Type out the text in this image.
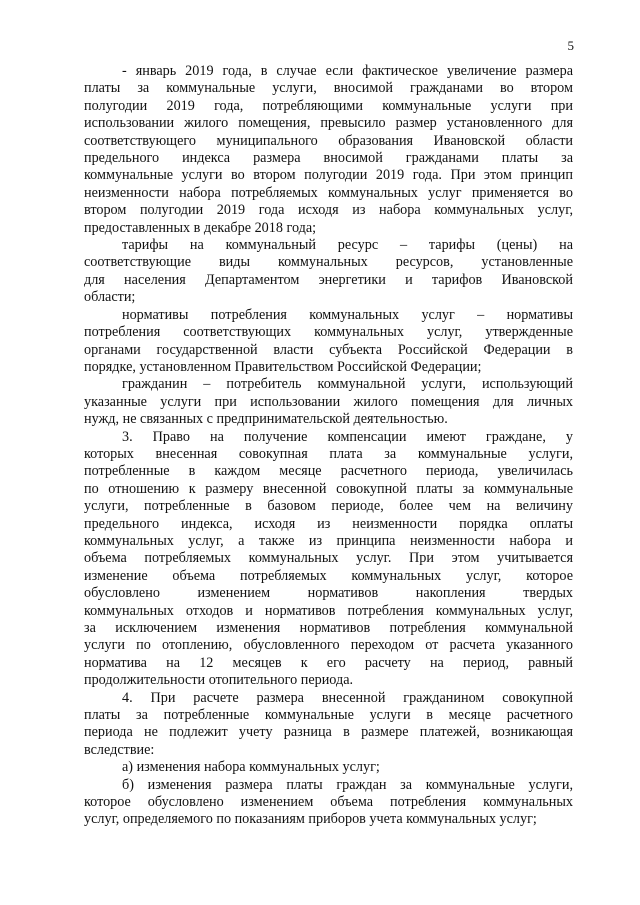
5

- январь 2019 года, в случае если фактическое увеличение размера

платы за коммунальные услуги, вносимой гражданами во втором

полугодии 2019 года, потребляющими коммунальные услуги при

использовании жилого помещения, превысило размер установленного для

соответствующего муниципального образования Ивановской области

предельного индекса размера вносимой гражданами платы за

коммунальные услуги во втором полугодии 2019 года. При этом принцип

неизменности набора потребляемых коммунальных услуг применяется во

втором полугодии 2019 года исходя из набора коммунальных услуг,

предоставленных в декабре 2018 года;

тарифы на коммунальный ресурс – тарифы (цены) на

соответствующие виды коммунальных ресурсов, установленные

для населения Департаментом энергетики и тарифов Ивановской

области;

нормативы потребления коммунальных услуг – нормативы

потребления соответствующих коммунальных услуг, утвержденные

органами государственной власти субъекта Российской Федерации в

порядке, установленном Правительством Российской Федерации;

гражданин – потребитель коммунальной услуги, использующий

указанные услуги при использовании жилого помещения для личных

нужд, не связанных с предпринимательской деятельностью.

3. Право на получение компенсации имеют граждане, у

которых внесенная совокупная плата за коммунальные услуги,

потребленные в каждом месяце расчетного периода, увеличилась

по отношению к размеру внесенной совокупной платы за коммунальные

услуги, потребленные в базовом периоде, более чем на величину

предельного индекса, исходя из неизменности порядка оплаты

коммунальных услуг, а также из принципа неизменности набора и

объема потребляемых коммунальных услуг. При этом учитывается

изменение объема потребляемых коммунальных услуг, которое

обусловлено изменением нормативов накопления твердых

коммунальных отходов и нормативов потребления коммунальных услуг,

за исключением изменения нормативов потребления коммунальной

услуги по отоплению, обусловленного переходом от расчета указанного

норматива на 12 месяцев к его расчету на период, равный

продолжительности отопительного периода.

4. При расчете размера внесенной гражданином совокупной

платы за потребленные коммунальные услуги в месяце расчетного

периода не подлежит учету разница в размере платежей, возникающая

вследствие:

а) изменения набора коммунальных услуг;

б) изменения размера платы граждан за коммунальные услуги,

которое обусловлено изменением объема потребления коммунальных

услуг, определяемого по показаниям приборов учета коммунальных услуг;
